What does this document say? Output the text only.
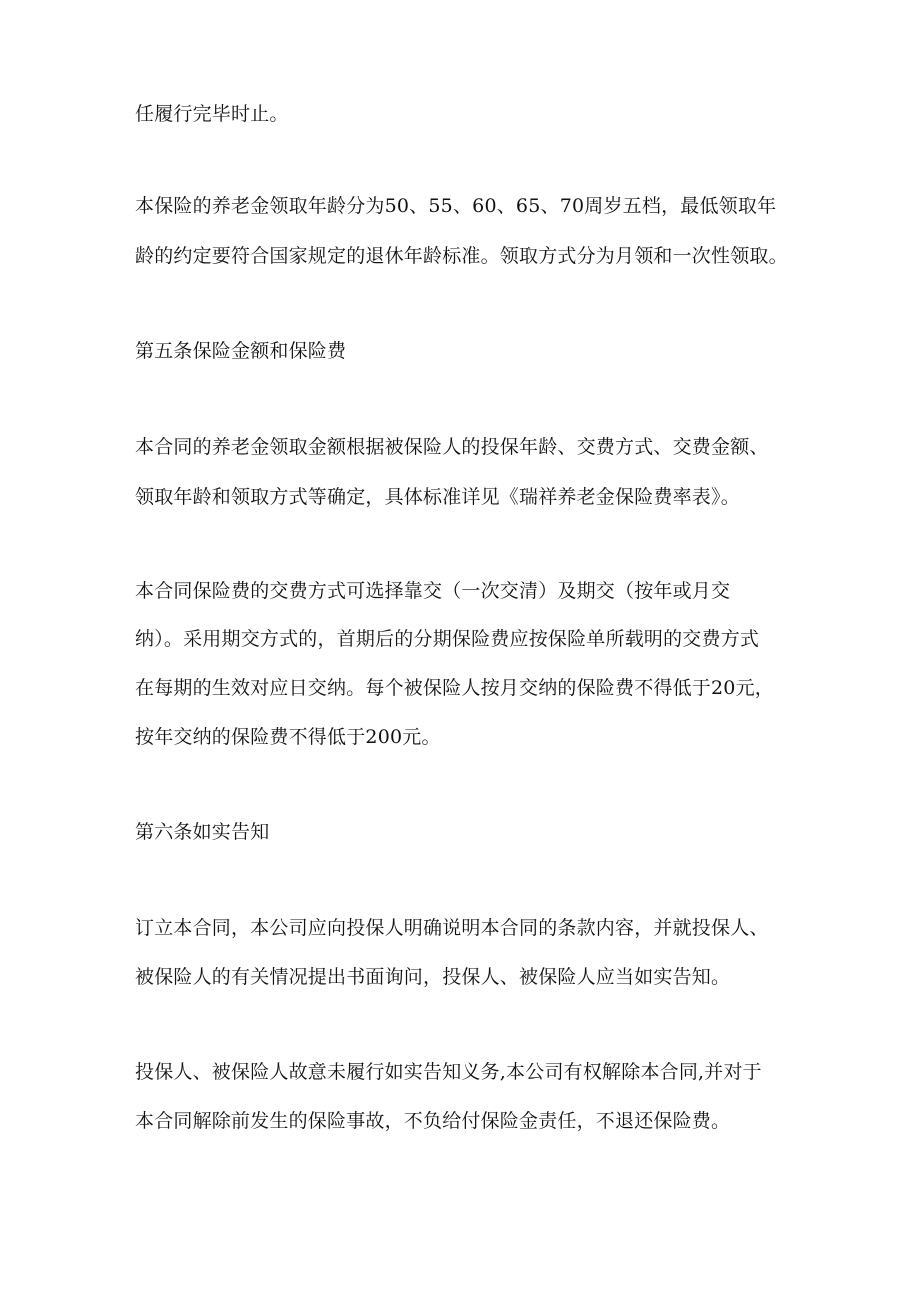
任履行完毕时止。
本保险的养老金领取年龄分为50、55、60、65、70周岁五档，最低领取年
龄的约定要符合国家规定的退休年龄标准。领取方式分为月领和一次性领取。
第五条保险金额和保险费
本合同的养老金领取金额根据被保险人的投保年龄、交费方式、交费金额、
领取年龄和领取方式等确定，具体标准详见《瑞祥养老金保险费率表》。
本合同保险费的交费方式可选择靠交（一次交清）及期交（按年或月交
纳）。采用期交方式的，首期后的分期保险费应按保险单所载明的交费方式
在每期的生效对应日交纳。每个被保险人按月交纳的保险费不得低于20元，
按年交纳的保险费不得低于200元。
第六条如实告知
订立本合同，本公司应向投保人明确说明本合同的条款内容，并就投保人、
被保险人的有关情况提出书面询问，投保人、被保险人应当如实告知。
投保人、被保险人故意未履行如实告知义务,本公司有权解除本合同,并对于
本合同解除前发生的保险事故，不负给付保险金责任，不退还保险费。
